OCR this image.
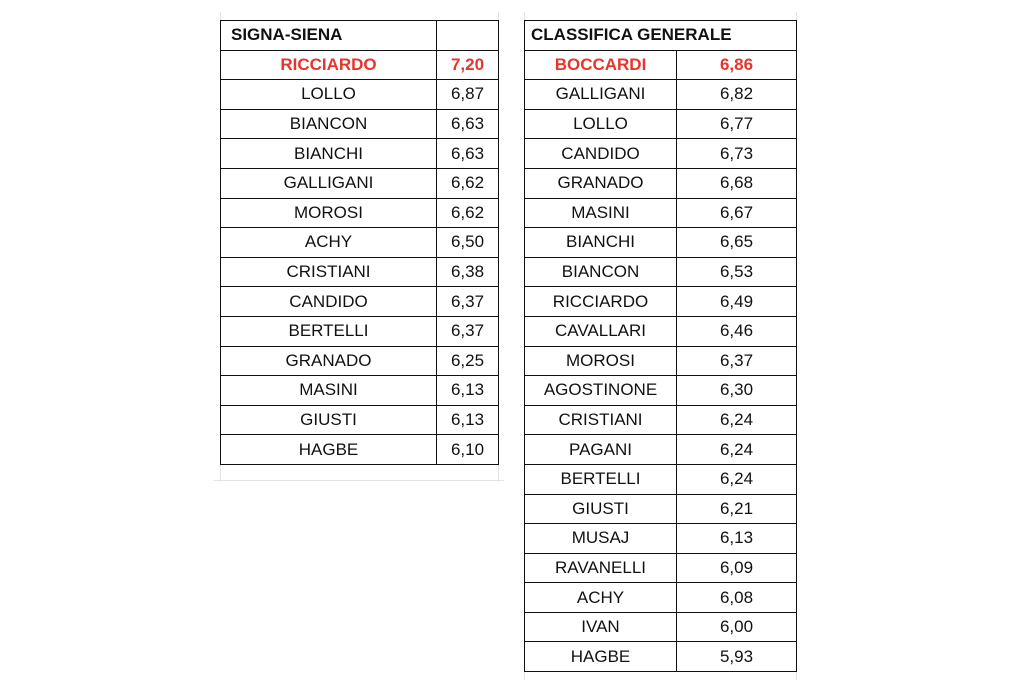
SIGNA-SIENA	
RICCIARDO	7,20
LOLLO	6,87
BIANCON	6,63
BIANCHI	6,63
GALLIGANI	6,62
MOROSI	6,62
ACHY	6,50
CRISTIANI	6,38
CANDIDO	6,37
BERTELLI	6,37
GRANADO	6,25
MASINI	6,13
GIUSTI	6,13
HAGBE	6,10
CLASSIFICA GENERALE	
BOCCARDI	6,86
GALLIGANI	6,82
LOLLO	6,77
CANDIDO	6,73
GRANADO	6,68
MASINI	6,67
BIANCHI	6,65
BIANCON	6,53
RICCIARDO	6,49
CAVALLARI	6,46
MOROSI	6,37
AGOSTINONE	6,30
CRISTIANI	6,24
PAGANI	6,24
BERTELLI	6,24
GIUSTI	6,21
MUSAJ	6,13
RAVANELLI	6,09
ACHY	6,08
IVAN	6,00
HAGBE	5,93
